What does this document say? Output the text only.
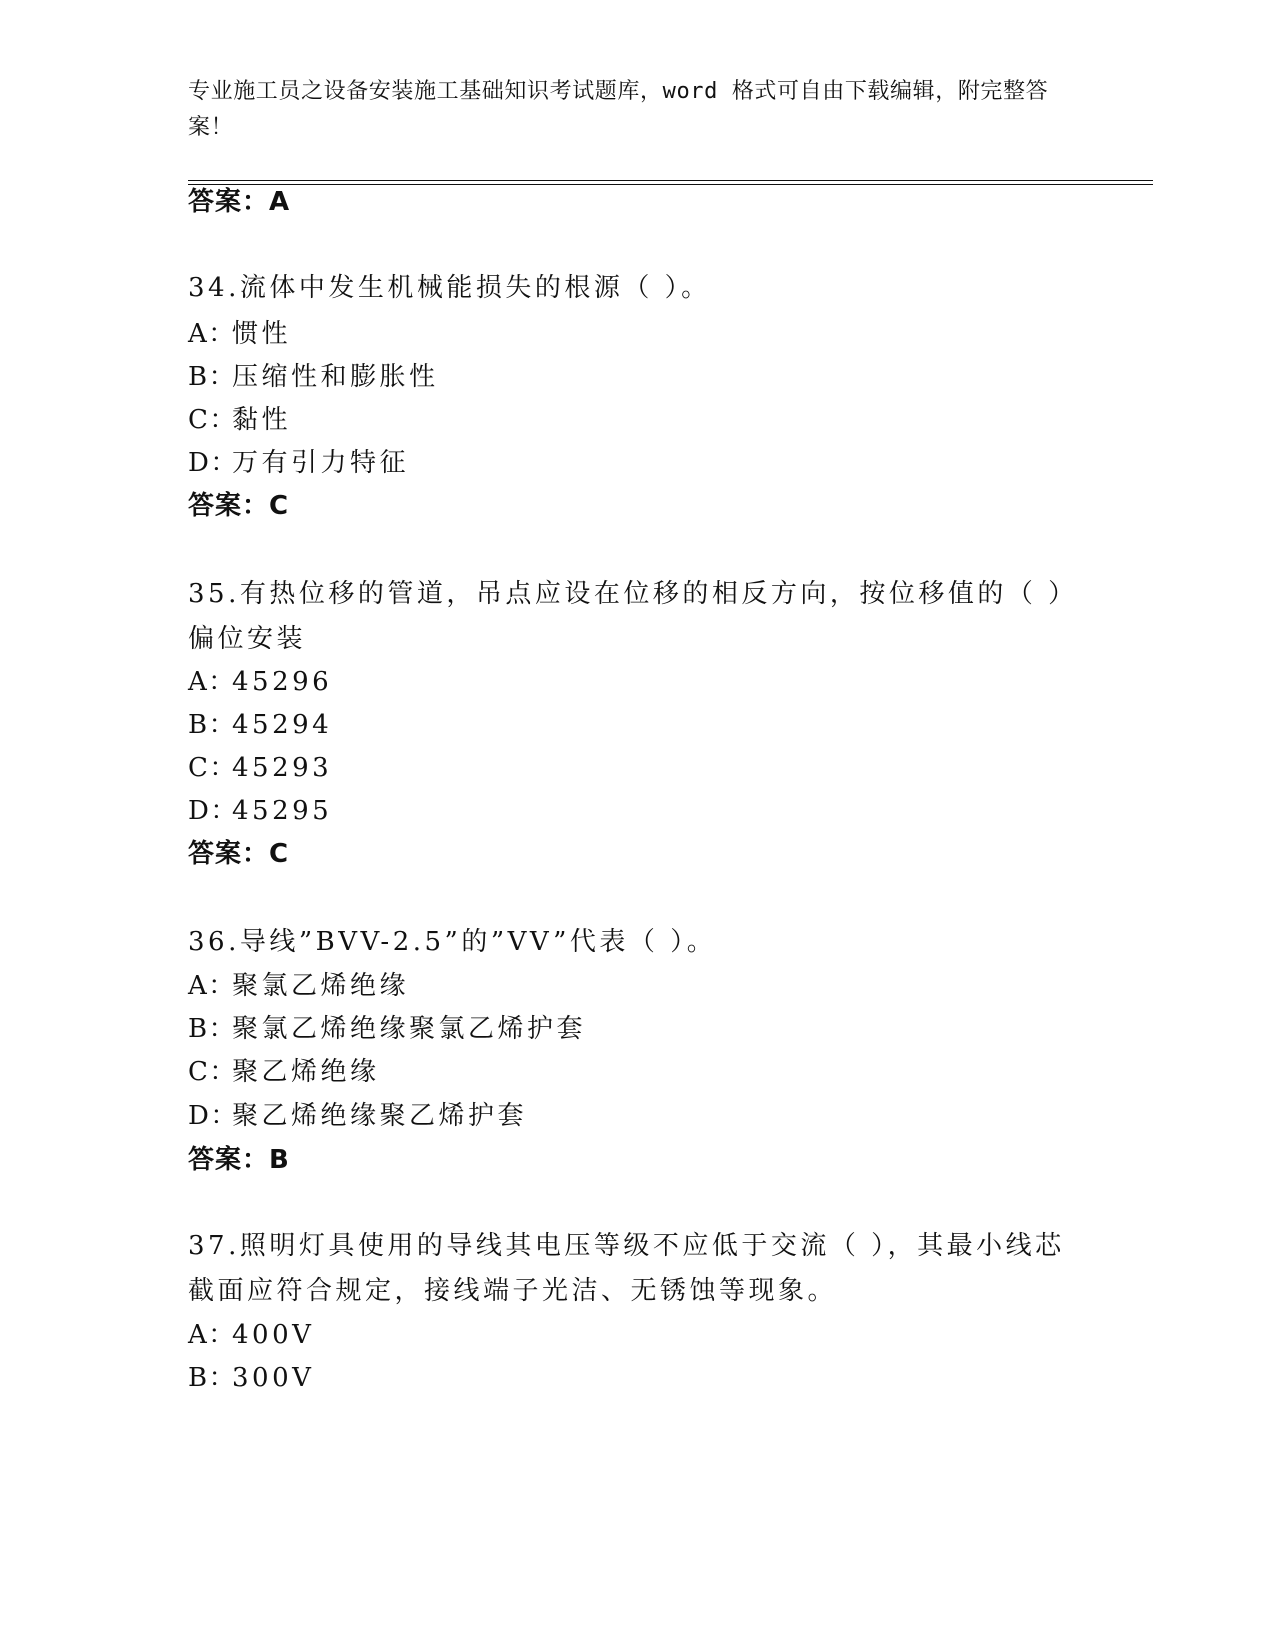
专业施工员之设备安装施工基础知识考试题库，word 格式可自由下载编辑，附完整答案！
答案：A
34.流体中发生机械能损失的根源（ ）。
A：惯性
B：压缩性和膨胀性
C：黏性
D：万有引力特征
答案：C
35.有热位移的管道，吊点应设在位移的相反方向，按位移值的（ ）偏位安装
A：45296
B：45294
C：45293
D：45295
答案：C
36.导线”BVV-2.5”的”VV”代表（ ）。
A：聚氯乙烯绝缘
B：聚氯乙烯绝缘聚氯乙烯护套
C：聚乙烯绝缘
D：聚乙烯绝缘聚乙烯护套
答案：B
37.照明灯具使用的导线其电压等级不应低于交流（ ），其最小线芯截面应符合规定，接线端子光洁、无锈蚀等现象。
A：400V
B：300V
